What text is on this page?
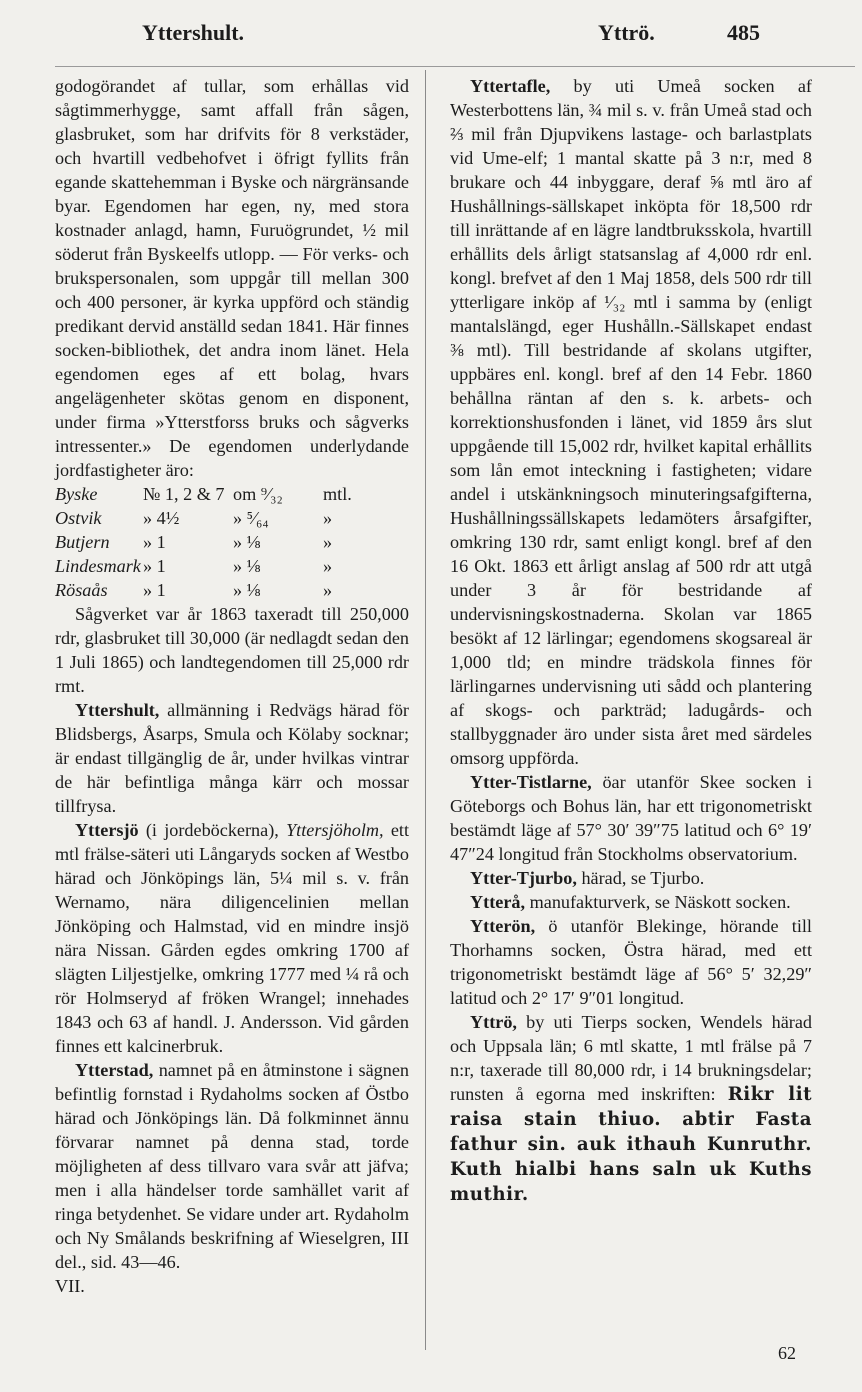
Yttershult.	Yttrö.	485

godogörandet af tullar, som erhållas vid sågtimmerhygge, samt affall från sågen, glasbruket, som har drifvits för 8 verkstäder, och hvartill vedbehofvet i öfrigt fyllits från egande skattehemman i Byske och närgränsande byar. Egendomen har egen, ny, med stora kostnader anlagd, hamn, Furuögrundet, ½ mil söderut från Byskeelfs utlopp. — För verks- och brukspersonalen, som uppgår till mellan 300 och 400 personer, är kyrka uppförd och ständig predikant dervid anställd sedan 1841. Här finnes socken-bibliothek, det andra inom länet. Hela egendomen eges af ett bolag, hvars angelägenheter skötas genom en disponent, under firma »Ytterstforss bruks och sågverks intressenter.» De egendomen underlydande jordfastigheter äro:

Byske	№ 1, 2 & 7 om ⁹⁄₃₂	mtl.
Ostvik	» 4½	» ⁵⁄₆₄	»
Butjern	» 1	» ⅛	»
Lindesmark » 1	» ⅛	»
Rösaås	» 1	» ⅛	»

Sågverket var år 1863 taxeradt till 250,000 rdr, glasbruket till 30,000 (är nedlagdt sedan den 1 Juli 1865) och landtegendomen till 25,000 rdr rmt.

Yttershult, allmänning i Redvägs härad för Blidsbergs, Åsarps, Smula och Kölaby socknar; är endast tillgänglig de år, under hvilkas vintrar de här befintliga många kärr och mossar tillfrysa.

Yttersjö (i jordeböckerna), Yttersjöholm, ett mtl frälse-säteri uti Långaryds socken af Westbo härad och Jönköpings län, 5¼ mil s. v. från Wernamo, nära diligencelinien mellan Jönköping och Halmstad, vid en mindre insjö nära Nissan. Gården egdes omkring 1700 af slägten Liljestjelke, omkring 1777 med ¼ rå och rör Holmseryd af fröken Wrangel; innehades 1843 och 63 af handl. J. Andersson. Vid gården finnes ett kalcinerbruk.

Ytterstad, namnet på en åtminstone i sägnen befintlig fornstad i Rydaholms socken af Östbo härad och Jönköpings län. Då folkminnet ännu förvarar namnet på denna stad, torde möjligheten af dess tillvaro vara svår att jäfva; men i alla händelser torde samhället varit af ringa betydenhet. Se vidare under art. Rydaholm och Ny Smålands beskrifning af Wieselgren, III del., sid. 43—46.

VII.

Yttertafle, by uti Umeå socken af Westerbottens län, ¾ mil s. v. från Umeå stad och ⅔ mil från Djupvikens lastage- och barlastplats vid Ume-elf; 1 mantal skatte på 3 n:r, med 8 brukare och 44 inbyggare, deraf ⅝ mtl äro af Hushållnings-sällskapet inköpta för 18,500 rdr till inrättande af en lägre landtbruksskola, hvartill erhållits dels årligt statsanslag af 4,000 rdr enl. kongl. brefvet af den 1 Maj 1858, dels 500 rdr till ytterligare inköp af ¹⁄₃₂ mtl i samma by (enligt mantalslängd, eger Hushålln.-Sällskapet endast ⅜ mtl). Till bestridande af skolans utgifter, uppbäres enl. kongl. bref af den 14 Febr. 1860 behållna räntan af den s. k. arbets- och korrektionshusfonden i länet, vid 1859 års slut uppgående till 15,002 rdr, hvilket kapital erhållits som lån emot inteckning i fastigheten; vidare andel i utskänkningsoch minuteringsafgifterna, Hushållningssällskapets ledamöters årsafgifter, omkring 130 rdr, samt enligt kongl. bref af den 16 Okt. 1863 ett årligt anslag af 500 rdr att utgå under 3 år för bestridande af undervisningskostnaderna. Skolan var 1865 besökt af 12 lärlingar; egendomens skogsareal är 1,000 tld; en mindre trädskola finnes för lärlingarnes undervisning uti sådd och plantering af skogs- och parkträd; ladugårds- och stallbyggnader äro under sista året med särdeles omsorg uppförda.

Ytter-Tistlarne, öar utanför Skee socken i Göteborgs och Bohus län, har ett trigonometriskt bestämdt läge af 57° 30′ 39″75 latitud och 6° 19′ 47″24 longitud från Stockholms observatorium.

Ytter-Tjurbo, härad, se Tjurbo.

Ytterå, manufakturverk, se Näskott socken.

Ytterön, ö utanför Blekinge, hörande till Thorhamns socken, Östra härad, med ett trigonometriskt bestämdt läge af 56° 5′ 32,29″ latitud och 2° 17′ 9″01 longitud.

Yttrö, by uti Tierps socken, Wendels härad och Uppsala län; 6 mtl skatte, 1 mtl frälse på 7 n:r, taxerade till 80,000 rdr, i 14 brukningsdelar; runsten å egorna med inskriften: Rikr lit raisa stain thiuo. abtir Fasta fathur sin. auk ithauh Kunruthr. Kuth hialbi hans saln uk Kuths muthir.

62
